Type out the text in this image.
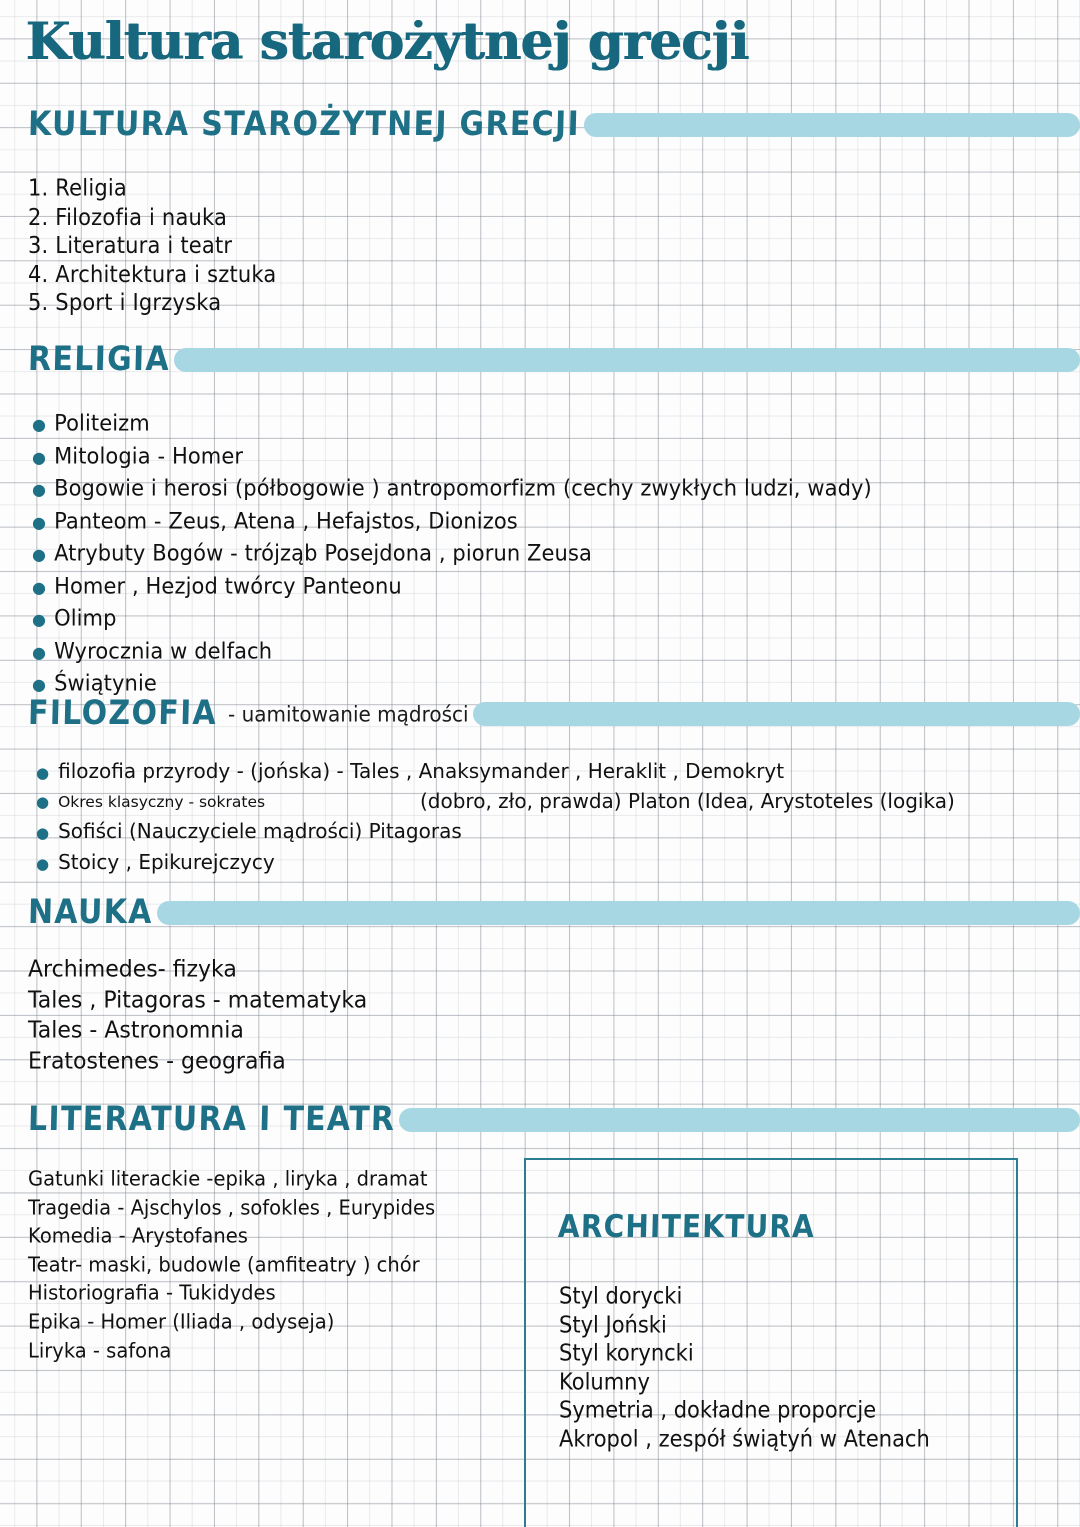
Kultura starożytnej grecji
KULTURA STAROŻYTNEJ GRECJI
1. Religia
2. Filozofia i nauka
3. Literatura i teatr
4. Architektura i sztuka
5. Sport i Igrzyska
RELIGIA
● Politeizm
● Mitologia - Homer
● Bogowie i herosi (półbogowie ) antropomorfizm (cechy zwykłych ludzi, wady)
● Panteom - Zeus, Atena , Hefajstos, Dionizos
● Atrybuty Bogów - trójząb Posejdona , piorun Zeusa
● Homer , Hezjod twórcy Panteonu
● Olimp
● Wyrocznia w delfach
● Świątynie
FILOZOFIA - uamitowanie mądrości
● filozofia przyrody - (jońska) - Tales , Anaksymander , Heraklit , Demokryt
● Okres klasyczny - sokrates	(dobro, zło, prawda) Platon (Idea, Arystoteles (logika)
● Sofiści (Nauczyciele mądrości) Pitagoras
● Stoicy , Epikurejczycy
NAUKA
Archimedes- fizyka
Tales , Pitagoras - matematyka
Tales - Astronomnia
Eratostenes - geografia
LITERATURA I TEATR
Gatunki literackie -epika , liryka , dramat
Tragedia - Ajschylos , sofokles , Eurypides
Komedia - Arystofanes
Teatr- maski, budowle (amfiteatry ) chór
Historiografia - Tukidydes
Epika - Homer (Iliada , odyseja)
Liryka - safona
ARCHITEKTURA
Styl dorycki
Styl Joński
Styl koryncki
Kolumny
Symetria , dokładne proporcje
Akropol , zespół świątyń w Atenach
